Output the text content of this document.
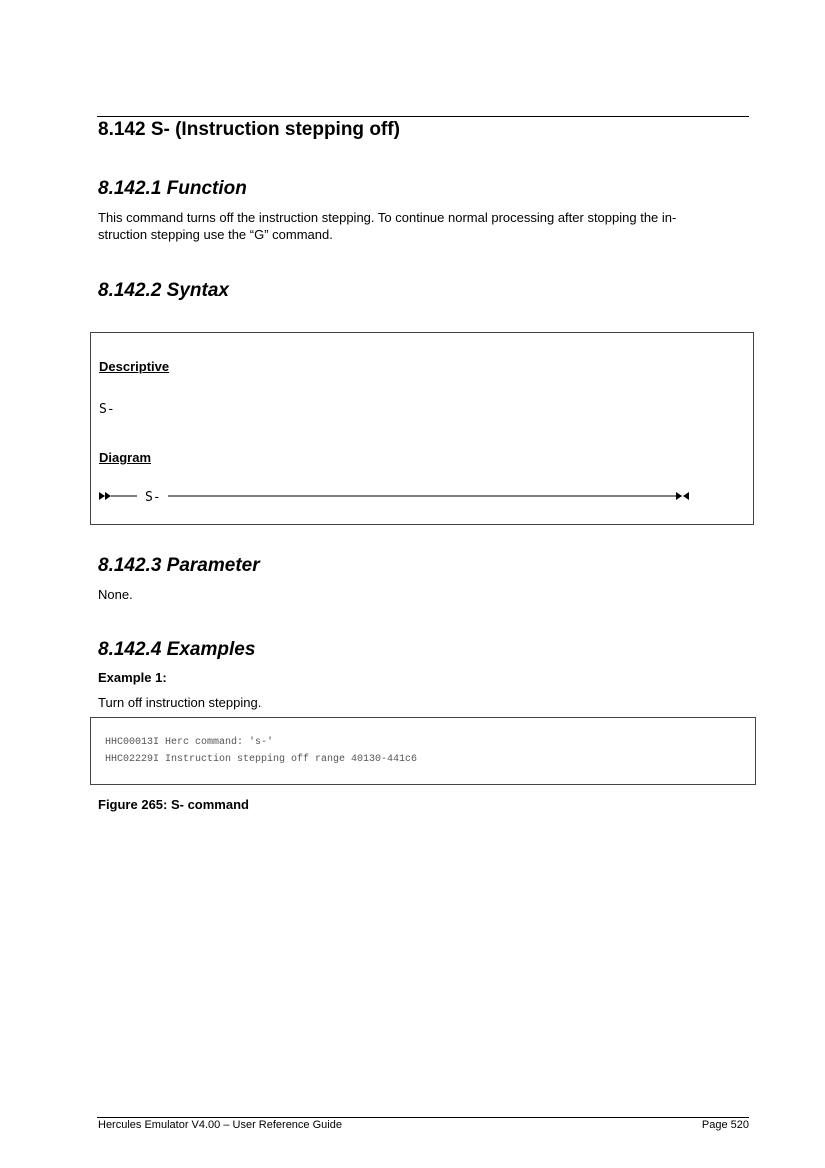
8.142 S- (Instruction stepping off)
8.142.1 Function

This command turns off the instruction stepping. To continue normal processing after stopping the in-

struction stepping use the “G” command.

8.142.2 Syntax
Descriptive
S-
Diagram
S-
8.142.3 Parameter

None.

8.142.4 Examples
Example 1:

Turn off instruction stepping.

HHC00013I Herc command: 's-'
HHC02229I Instruction stepping off range 40130-441c6
Figure 265: S- command
Hercules Emulator V4.00 – User Reference Guide	Page 520
